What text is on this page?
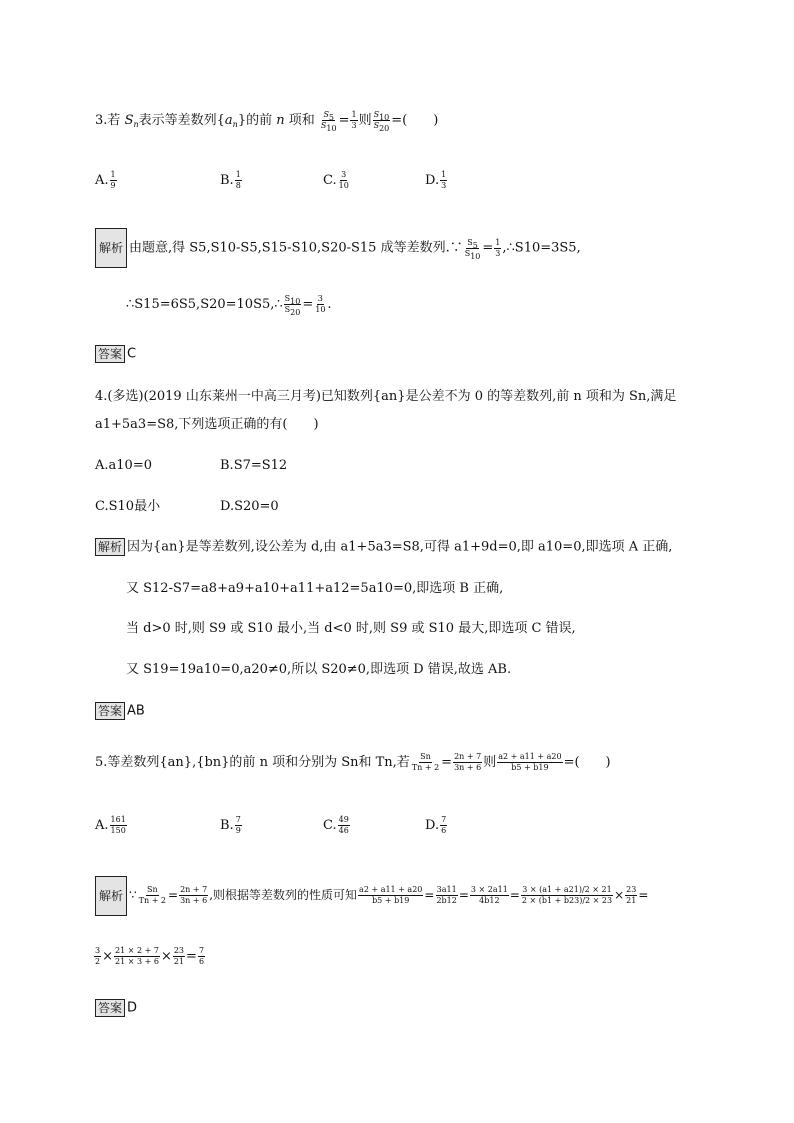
3.若 $S_n$表示等差数列$\{a_n\}$的前 n 项和 $\frac{S_5}{S_{10}} = \frac{1}{3}$ 则 $\frac{S_{10}}{S_{20}}$ =(　　)
A. $\frac{1}{9}$	B. $\frac{1}{8}$	C. $\frac{3}{10}$	D. $\frac{1}{3}$
解析 由题意,得 S5,S10-S5,S15-S10,S20-S15 成等差数列.∵ $\frac{S_5}{S_{10}} = \frac{1}{3}$ ,∴S10=3S5,
∴S15=6S5,S20=10S5,∴ $\frac{S_{10}}{S_{20}} = \frac{3}{10}$ .
答案 C
4.(多选)(2019 山东莱州一中高三月考)已知数列{an}是公差不为 0 的等差数列,前 n 项和为 Sn,满足
a1+5a3=S8,下列选项正确的有(　　)
A.a10=0	B.S7=S12
C.S10最小	D.S20=0
解析 因为{an}是等差数列,设公差为 d,由 a1+5a3=S8,可得 a1+9d=0,即 a10=0,即选项 A 正确,
又 S12-S7=a8+a9+a10+a11+a12=5a10=0,即选项 B 正确,
当 d>0 时,则 S9 或 S10 最小,当 d<0 时,则 S9 或 S10 最大,即选项 C 错误,
又 S19=19a10=0,a20≠0,所以 S20≠0,即选项 D 错误,故选 AB.
答案 AB
5.等差数列{an},{bn}的前 n 项和分别为 Sn和 Tn,若 $\frac{Sn}{Tn + 2} = \frac{2n + 7}{3n + 6}$ 则 $\frac{a2 + a11 + a20}{b5 + b19}$ =(　　)
A. $\frac{161}{150}$	B. $\frac{7}{9}$	C. $\frac{49}{46}$	D. $\frac{7}{6}$
解析 ∵ $\frac{Sn}{Tn + 2} = \frac{2n + 7}{3n + 6}$ ,则根据等差数列的性质可知 $\frac{a2 + a11 + a20}{b5 + b19} = \frac{3a11}{2b12} = \frac{3 \times 2a11}{4b12} = \frac{3 \times (a1 + a21)/2 \times 21}{2 \times (b1 + b23)/2 \times 23} \times \frac{23}{21}$ =
$\frac{3}{2} \times \frac{21 \times 2 + 7}{21 \times 3 + 6} \times \frac{23}{21} = \frac{7}{6}$
答案 D
